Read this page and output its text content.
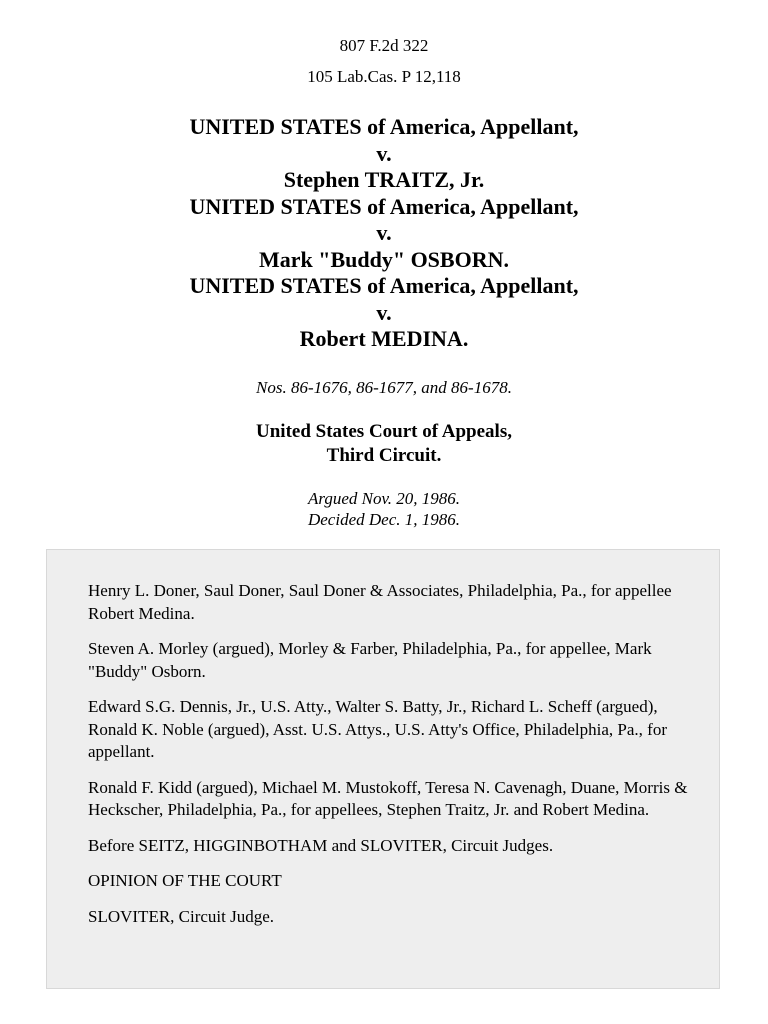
807 F.2d 322
105 Lab.Cas. P 12,118
UNITED STATES of America, Appellant,
v.
Stephen TRAITZ, Jr.
UNITED STATES of America, Appellant,
v.
Mark "Buddy" OSBORN.
UNITED STATES of America, Appellant,
v.
Robert MEDINA.
Nos. 86-1676, 86-1677, and 86-1678.
United States Court of Appeals,
Third Circuit.
Argued Nov. 20, 1986.
Decided Dec. 1, 1986.

Henry L. Doner, Saul Doner, Saul Doner & Associates, Philadelphia, Pa., for appellee Robert Medina.

Steven A. Morley (argued), Morley & Farber, Philadelphia, Pa., for appellee, Mark "Buddy" Osborn.

Edward S.G. Dennis, Jr., U.S. Atty., Walter S. Batty, Jr., Richard L. Scheff (argued), Ronald K. Noble (argued), Asst. U.S. Attys., U.S. Atty's Office, Philadelphia, Pa., for appellant.

Ronald F. Kidd (argued), Michael M. Mustokoff, Teresa N. Cavenagh, Duane, Morris & Heckscher, Philadelphia, Pa., for appellees, Stephen Traitz, Jr. and Robert Medina.

Before SEITZ, HIGGINBOTHAM and SLOVITER, Circuit Judges.

OPINION OF THE COURT

SLOVITER, Circuit Judge.
